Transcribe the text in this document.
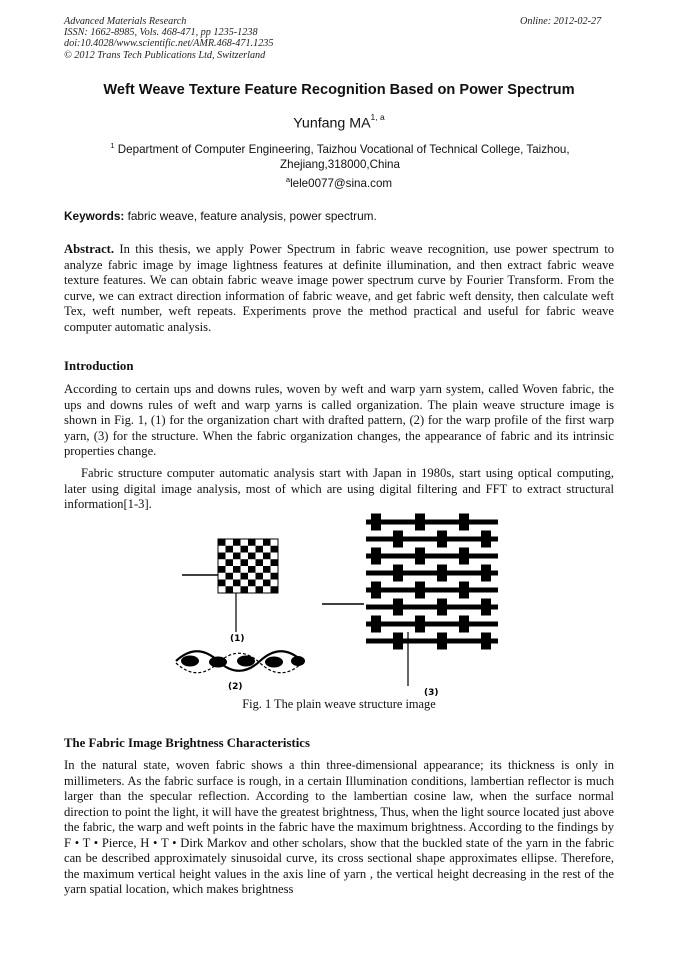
Advanced Materials Research
ISSN: 1662-8985, Vols. 468-471, pp 1235-1238
doi:10.4028/www.scientific.net/AMR.468-471.1235
© 2012 Trans Tech Publications Ltd, Switzerland
Online: 2012-02-27
Weft Weave Texture Feature Recognition Based on Power Spectrum
Yunfang MA$^{1, a}$
$^1$ Department of Computer Engineering, Taizhou Vocational of Technical College, Taizhou, Zhejiang,318000,China
$^a$lele0077@sina.com
Keywords: fabric weave, feature analysis, power spectrum.
Abstract. In this thesis, we apply Power Spectrum in fabric weave recognition, use power spectrum to analyze fabric image by image lightness features at definite illumination, and then extract fabric weave texture features. We can obtain fabric weave image power spectrum curve by Fourier Transform. From the curve, we can extract direction information of fabric weave, and get fabric weft density, then calculate weft Tex, weft number, weft repeats. Experiments prove the method practical and useful for fabric weave computer automatic analysis.
Introduction
According to certain ups and downs rules, woven by weft and warp yarn system, called Woven fabric, the ups and downs rules of weft and warp yarns is called organization. The plain weave structure image is shown in Fig. 1, (1) for the organization chart with drafted pattern, (2) for the warp profile of the first warp yarn, (3) for the structure. When the fabric organization changes, the appearance of fabric and its intrinsic properties change.
Fabric structure computer automatic analysis start with Japan in 1980s, start using optical computing, later using digital image analysis, most of which are using digital filtering and FFT to extract structural information[1-3].
(1)
(2)
(3)
Fig. 1 The plain weave structure image
The Fabric Image Brightness Characteristics
In the natural state, woven fabric shows a thin three-dimensional appearance; its thickness is only in millimeters. As the fabric surface is rough, in a certain Illumination conditions, lambertian reflector is much larger than the specular reflection. According to the lambertian cosine law, when the surface normal direction to point the light, it will have the greatest brightness, Thus, when the light source located just above the fabric, the warp and weft points in the fabric have the maximum brightness. According to the findings by F • T • Pierce, H • T • Dirk Markov and other scholars, show that the buckled state of the yarn in the fabric can be described approximately sinusoidal curve, its cross sectional shape approximates ellipse. Therefore, the maximum vertical height values in the axis line of yarn , the vertical height decreasing in the rest of the yarn spatial location, which makes brightness
